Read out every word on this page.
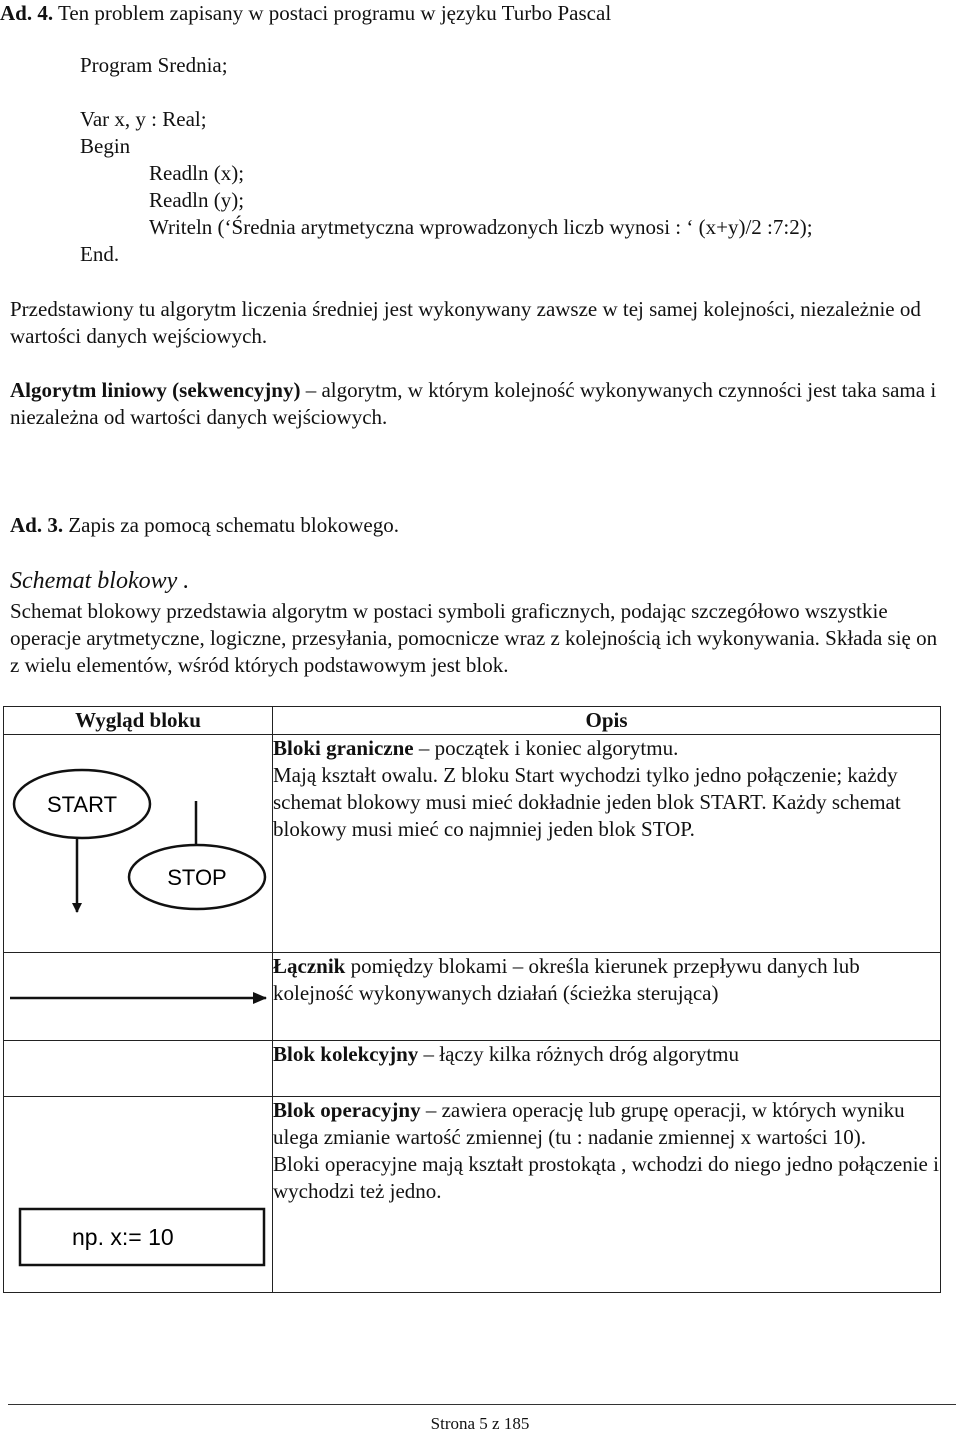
Ad. 4. Ten problem zapisany w postaci programu w języku Turbo Pascal
Program Srednia;
Var x, y : Real;
Begin
Readln (x);
Readln (y);
Writeln (‘Średnia arytmetyczna wprowadzonych liczb wynosi : ‘ (x+y)/2 :7:2);
End.
Przedstawiony tu algorytm liczenia średniej jest wykonywany zawsze w tej samej kolejności, niezależnie od wartości danych wejściowych.
Algorytm liniowy (sekwencyjny) – algorytm, w którym kolejność wykonywanych czynności jest taka sama i niezależna od wartości danych wejściowych.
Ad. 3. Zapis za pomocą schematu blokowego.
Schemat blokowy .
Schemat blokowy przedstawia algorytm w postaci symboli graficznych, podając szczegółowo wszystkie operacje arytmetyczne, logiczne, przesyłania, pomocnicze wraz z kolejnością ich wykonywania. Składa się on z wielu elementów, wśród których podstawowym jest blok.
Wygląd bloku	Opis

START
STOP	Bloki graniczne – początek i koniec algorytmu.
Mają kształt owalu. Z bloku Start wychodzi tylko jedno połączenie; każdy schemat blokowy musi mieć dokładnie jeden blok START. Każdy schemat blokowy musi mieć co najmniej jeden blok STOP.
	Łącznik pomiędzy blokami – określa kierunek przepływu danych lub kolejność wykonywanych działań (ścieżka sterująca)
	Blok kolekcyjny – łączy kilka różnych dróg algorytmu

np. x:= 10	Blok operacyjny – zawiera operację lub grupę operacji, w których wyniku ulega zmianie wartość zmiennej (tu : nadanie zmiennej x wartości 10).
Bloki operacyjne mają kształt prostokąta , wchodzi do niego jedno połączenie i wychodzi też jedno.
Strona 5 z 185
